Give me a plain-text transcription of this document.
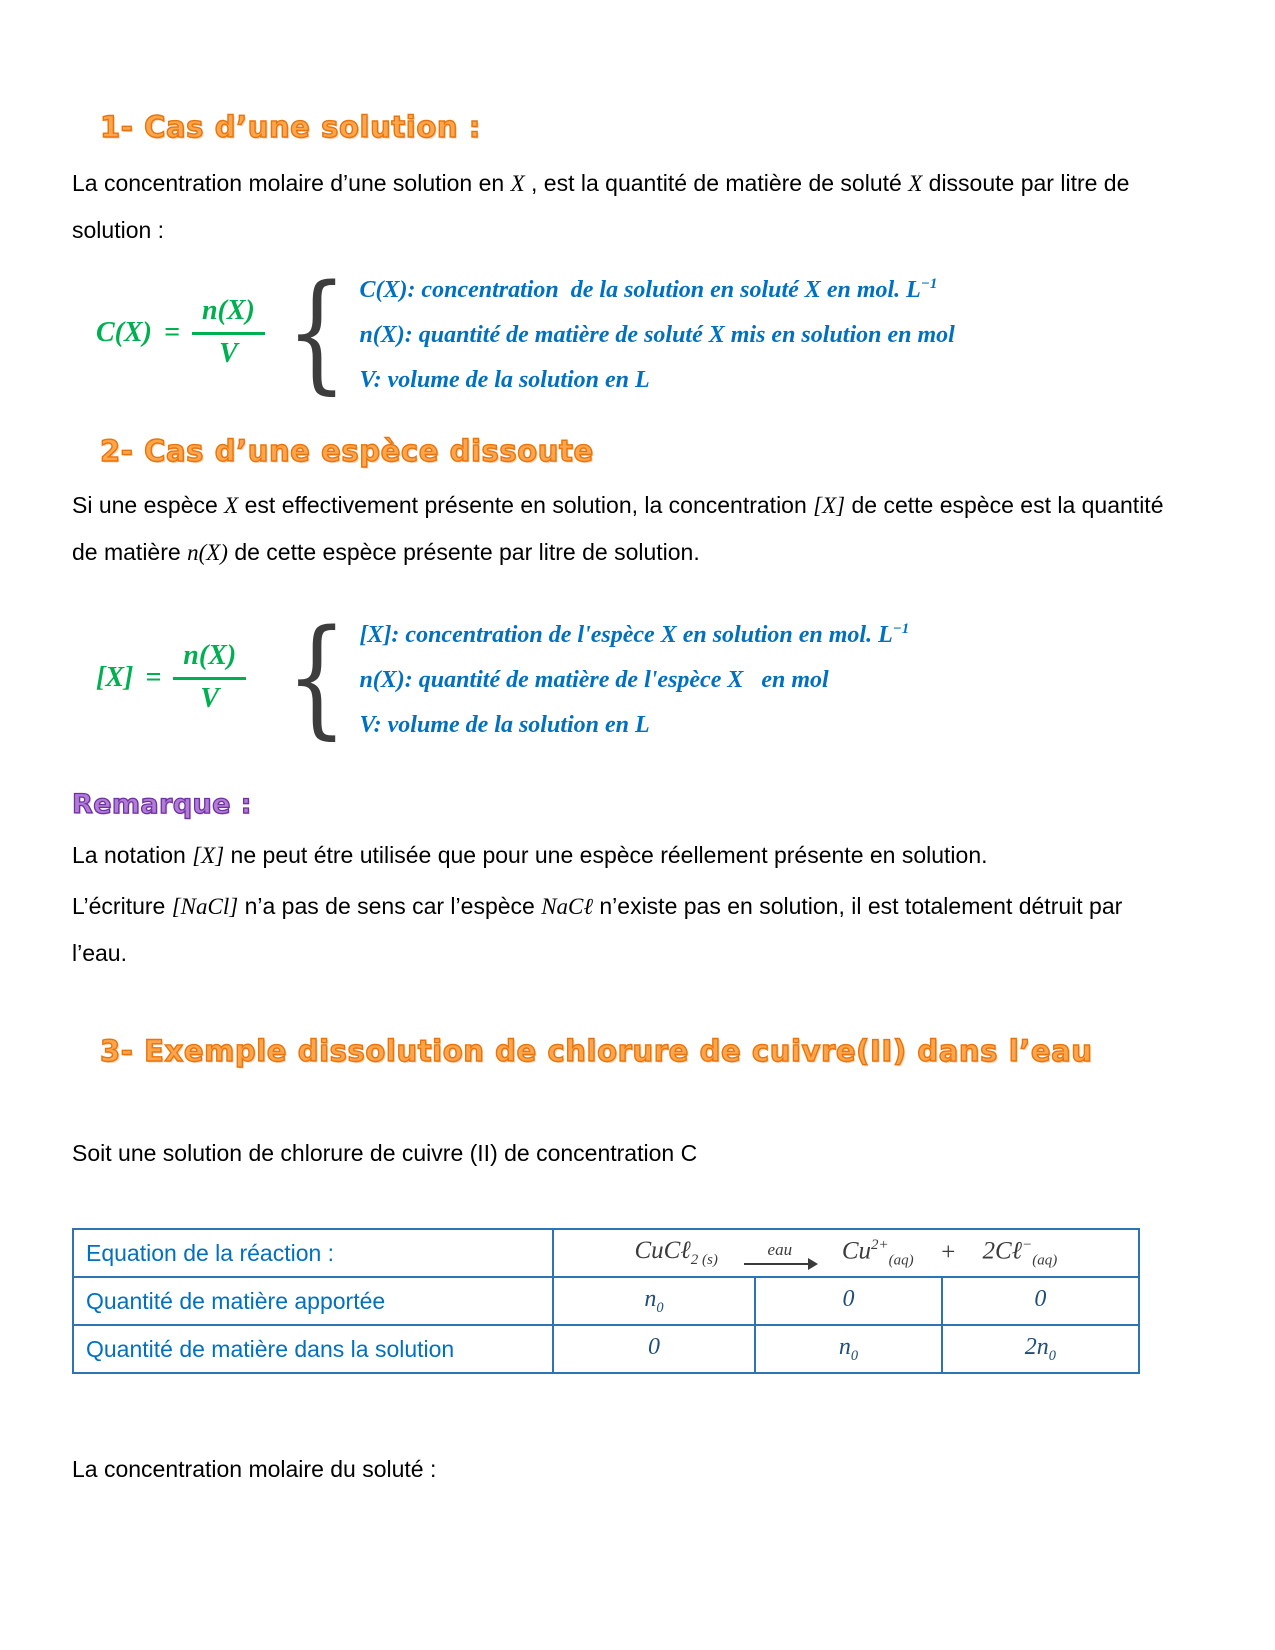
1- Cas d’une solution :

La concentration molaire d’une solution en X , est la quantité de matière de soluté X dissoute par litre de solution :

$C(X) = \frac{n(X)}{V}$ { C(X): concentration  de la solution en soluté X en mol. $L^{-1}$
n(X): quantité de matière de soluté X mis en solution en mol
V: volume de la solution en L
2- Cas d’une espèce dissoute

Si une espèce X est effectivement présente en solution, la concentration [X] de cette espèce est la quantité de matière n(X) de cette espèce présente par litre de solution.

$[X] = \frac{n(X)}{V}$ { [X]: concentration de l'espèce X en solution en mol. $L^{-1}$
n(X): quantité de matière de l'espèce X   en mol
V: volume de la solution en L
Remarque :

La notation [X] ne peut étre utilisée que pour une espèce réellement présente en solution.

L’écriture [NaCl] n’a pas de sens car l’espèce NaCℓ n’existe pas en solution, il est totalement détruit par l’eau.

3- Exemple dissolution de chlorure de cuivre(II) dans l’eau

Soit une solution de chlorure de cuivre (II) de concentration C

Equation de la réaction :	CuCℓ$_{2 (s)}$
eau $Cu^{2+}_{(aq)}$ + 2Cℓ−$_{(aq)}$

Quantité de matière apportée	$n_0$	0	0
Quantité de matière dans la solution	0	$n_0$	$2n_0$

La concentration molaire du soluté :
